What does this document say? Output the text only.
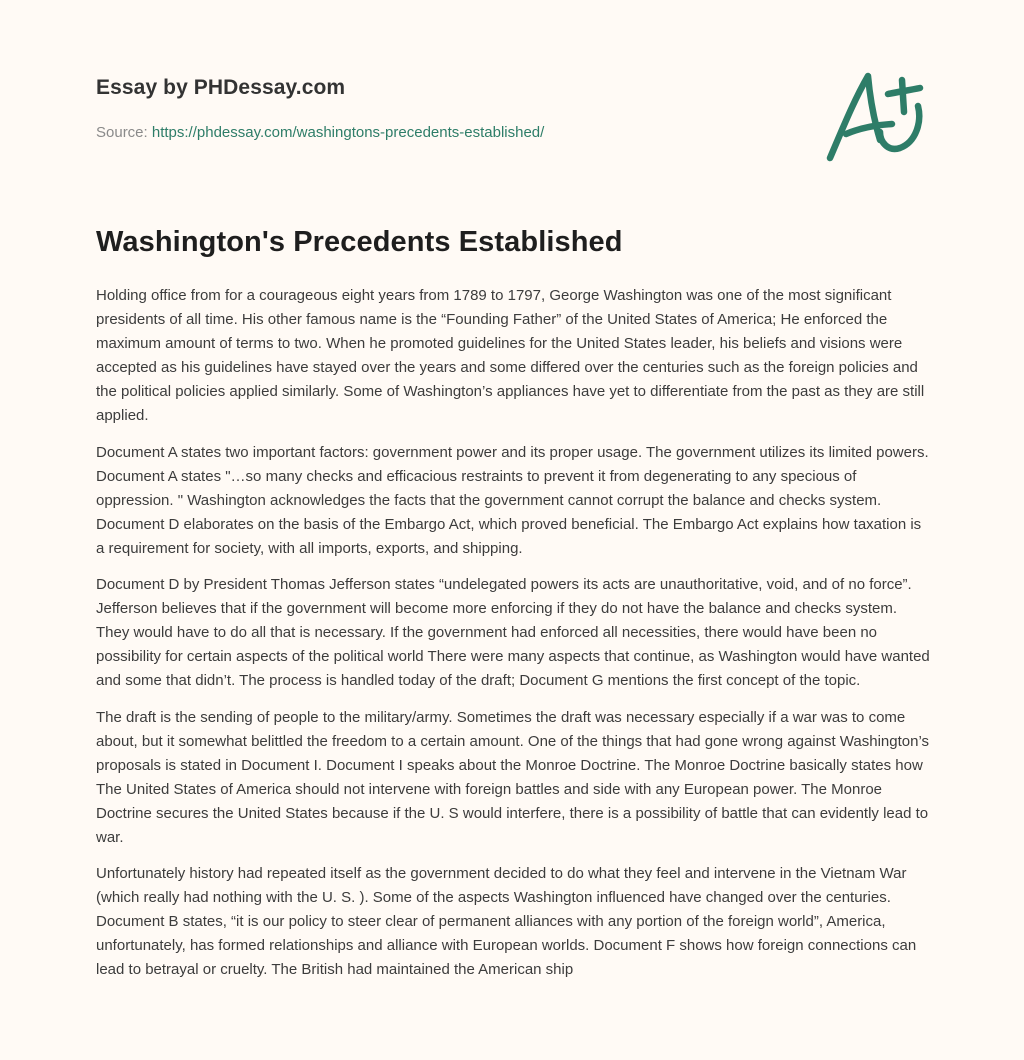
Essay by PHDessay.com
Source: https://phdessay.com/washingtons-precedents-established/
Washington's Precedents Established

Holding office from for a courageous eight years from 1789 to 1797, George Washington was one of the most significant presidents of all time. His other famous name is the “Founding Father” of the United States of America; He enforced the maximum amount of terms to two. When he promoted guidelines for the United States leader, his beliefs and visions were accepted as his guidelines have stayed over the years and some differed over the centuries such as the foreign policies and the political policies applied similarly. Some of Washington’s appliances have yet to differentiate from the past as they are still applied.

Document A states two important factors: government power and its proper usage. The government utilizes its limited powers. Document A states "…so many checks and efficacious restraints to prevent it from degenerating to any specious of oppression. " Washington acknowledges the facts that the government cannot corrupt the balance and checks system. Document D elaborates on the basis of the Embargo Act, which proved beneficial. The Embargo Act explains how taxation is a requirement for society, with all imports, exports, and shipping.

Document D by President Thomas Jefferson states “undelegated powers its acts are unauthoritative, void, and of no force”. Jefferson believes that if the government will become more enforcing if they do not have the balance and checks system. They would have to do all that is necessary. If the government had enforced all necessities, there would have been no possibility for certain aspects of the political world There were many aspects that continue, as Washington would have wanted and some that didn’t. The process is handled today of the draft; Document G mentions the first concept of the topic.

The draft is the sending of people to the military/army. Sometimes the draft was necessary especially if a war was to come about, but it somewhat belittled the freedom to a certain amount. One of the things that had gone wrong against Washington’s proposals is stated in Document I. Document I speaks about the Monroe Doctrine. The Monroe Doctrine basically states how The United States of America should not intervene with foreign battles and side with any European power. The Monroe Doctrine secures the United States because if the U. S would interfere, there is a possibility of battle that can evidently lead to war.

Unfortunately history had repeated itself as the government decided to do what they feel and intervene in the Vietnam War (which really had nothing with the U. S. ). Some of the aspects Washington influenced have changed over the centuries. Document B states, “it is our policy to steer clear of permanent alliances with any portion of the foreign world”, America, unfortunately, has formed relationships and alliance with European worlds. Document F shows how foreign connections can lead to betrayal or cruelty. The British had maintained the American ship
